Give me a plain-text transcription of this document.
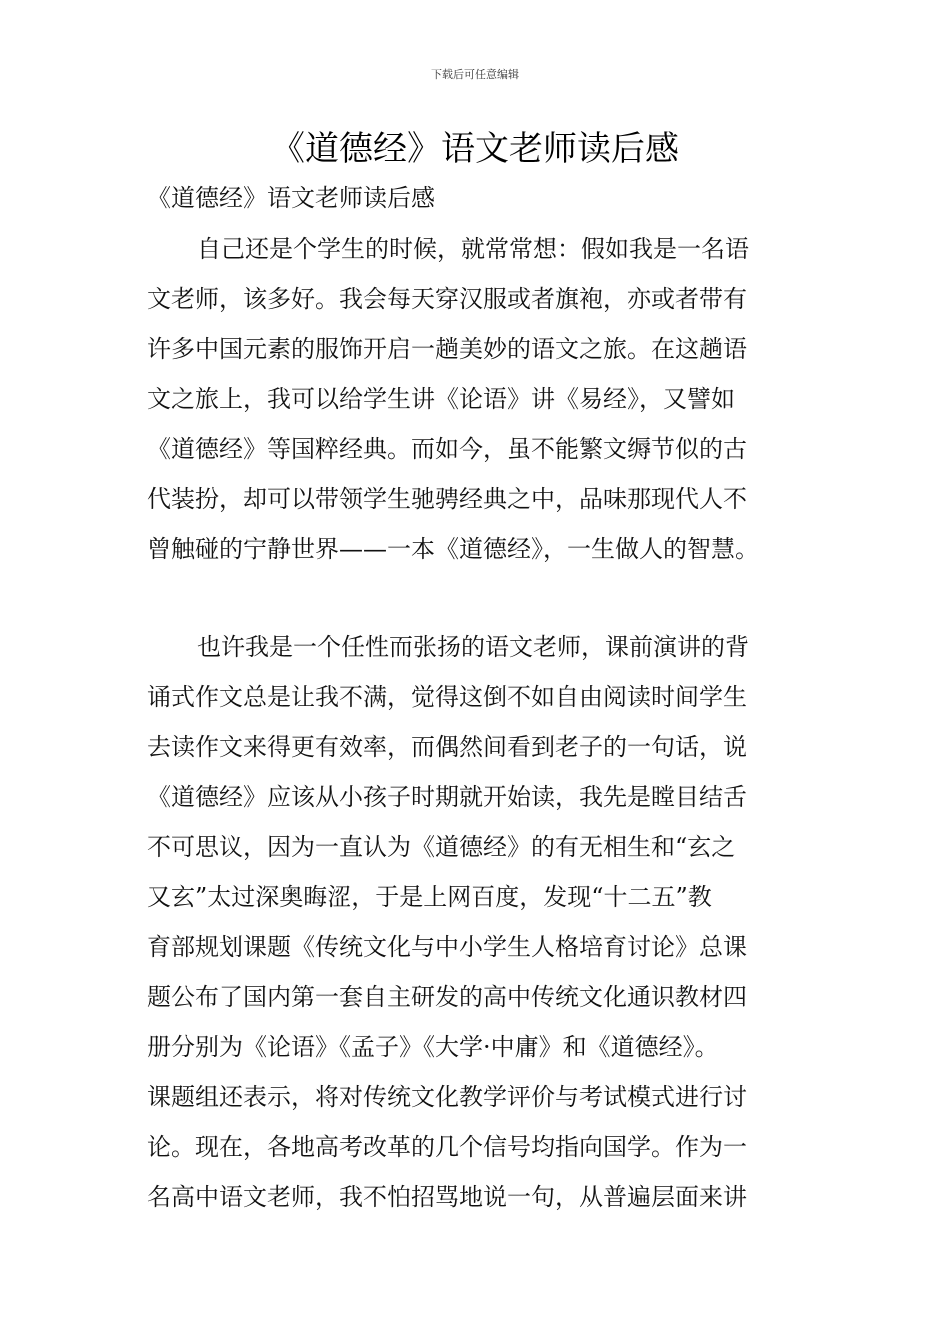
下载后可任意编辑
《道德经》语文老师读后感
《道德经》语文老师读后感
自己还是个学生的时候，就常常想：假如我是一名语
文老师，该多好。我会每天穿汉服或者旗袍，亦或者带有
许多中国元素的服饰开启一趟美妙的语文之旅。在这趟语
文之旅上，我可以给学生讲《论语》讲《易经》，又譬如
《道德经》等国粹经典。而如今，虽不能繁文缛节似的古
代装扮，却可以带领学生驰骋经典之中，品味那现代人不
曾触碰的宁静世界——一本《道德经》，一生做人的智慧。
也许我是一个任性而张扬的语文老师，课前演讲的背
诵式作文总是让我不满，觉得这倒不如自由阅读时间学生
去读作文来得更有效率，而偶然间看到老子的一句话，说
《道德经》应该从小孩子时期就开始读，我先是瞠目结舌
不可思议，因为一直认为《道德经》的有无相生和“玄之
又玄”太过深奥晦涩，于是上网百度，发现“十二五”教
育部规划课题《传统文化与中小学生人格培育讨论》总课
题公布了国内第一套自主研发的高中传统文化通识教材四
册分别为《论语》《孟子》《大学·中庸》和《道德经》。
课题组还表示，将对传统文化教学评价与考试模式进行讨
论。现在，各地高考改革的几个信号均指向国学。作为一
名高中语文老师，我不怕招骂地说一句，从普遍层面来讲
